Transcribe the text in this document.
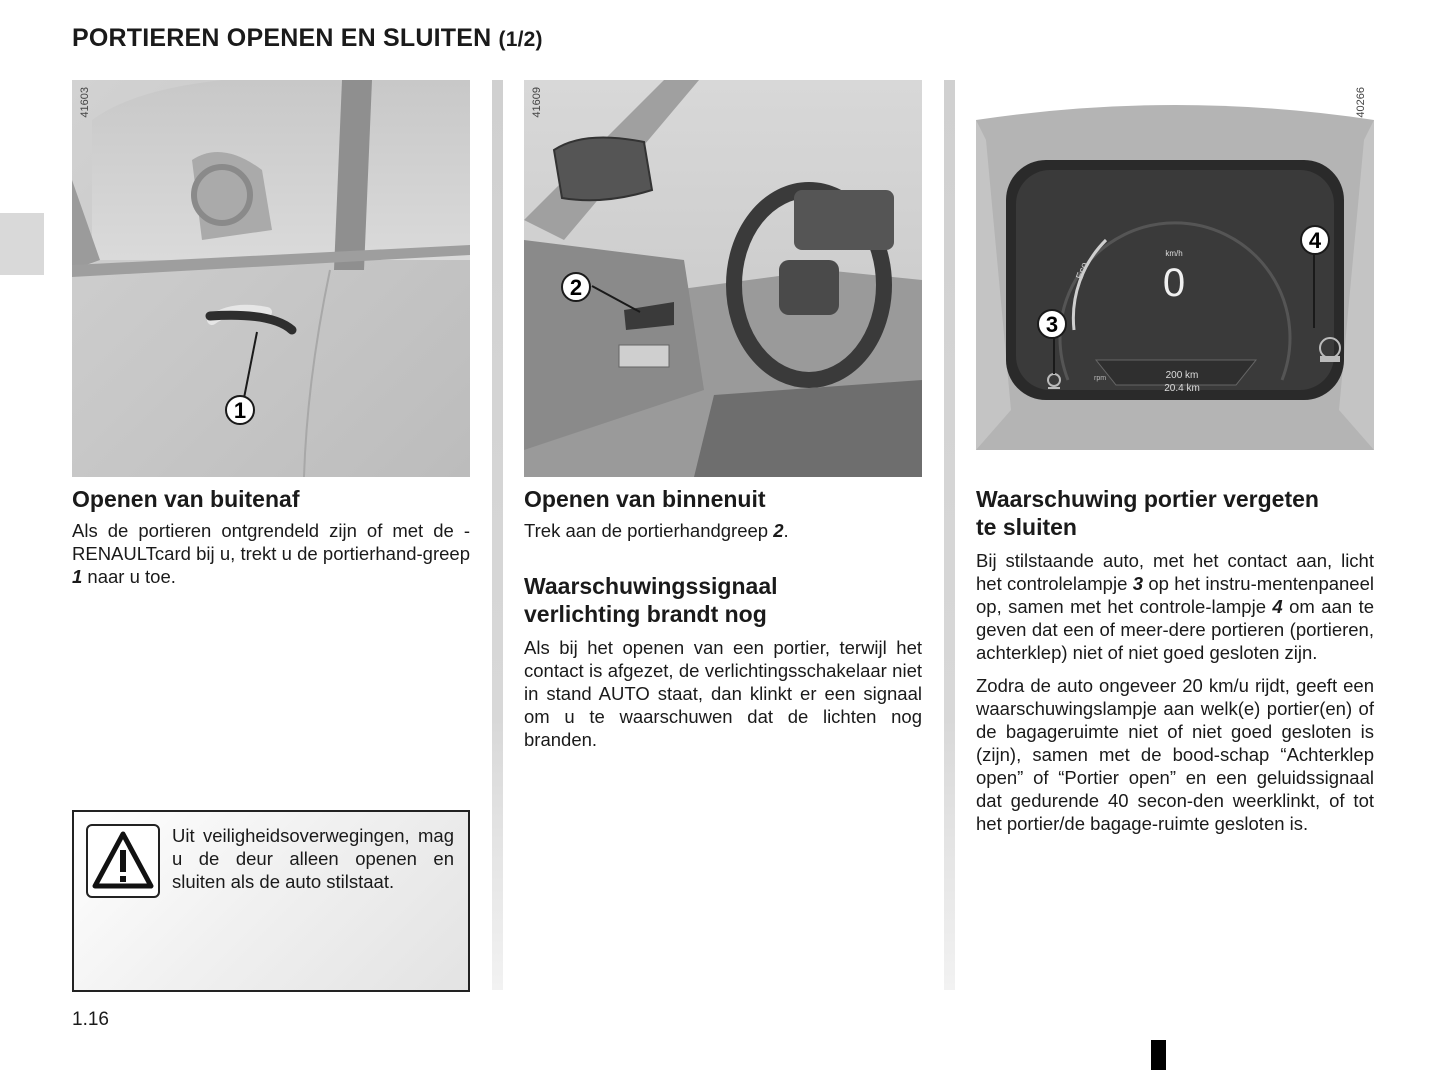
PORTIEREN OPENEN EN SLUITEN (1/2)
1
41603
Openen van buitenaf

Als de portieren ontgrendeld zijn of met de -RENAULTcard bij u, trekt u de portierhand-greep 1 naar u toe.

2
41609
Openen van binnenuit

Trek aan de portierhandgreep 2.

Waarschuwingssignaal
verlichting brandt nog

Als bij het openen van een portier, terwijl het contact is afgezet, de verlichtingsschakelaar niet in stand AUTO staat, dan klinkt er een signaal om u te waarschuwen dat de lichten nog branden.

km/h
0
Eco
rpm	200 km
20.4 km
3
4
40266
Waarschuwing portier vergeten
te sluiten

Bij stilstaande auto, met het contact aan, licht het controlelampje 3 op het instru-mentenpaneel op, samen met het controle-lampje 4 om aan te geven dat een of meer-dere portieren (portieren, achterklep) niet of niet goed gesloten zijn.

Zodra de auto ongeveer 20 km/u rijdt, geeft een waarschuwingslampje aan welk(e) portier(en) of de bagageruimte niet of niet goed gesloten is (zijn), samen met de bood-schap “Achterklep open” of “Portier open” en een geluidssignaal dat gedurende 40 secon-den weerklinkt, of tot het portier/de bagage-ruimte gesloten is.

Uit veiligheidsoverwegingen, mag u de deur alleen openen en sluiten als de auto stilstaat.

1.16
